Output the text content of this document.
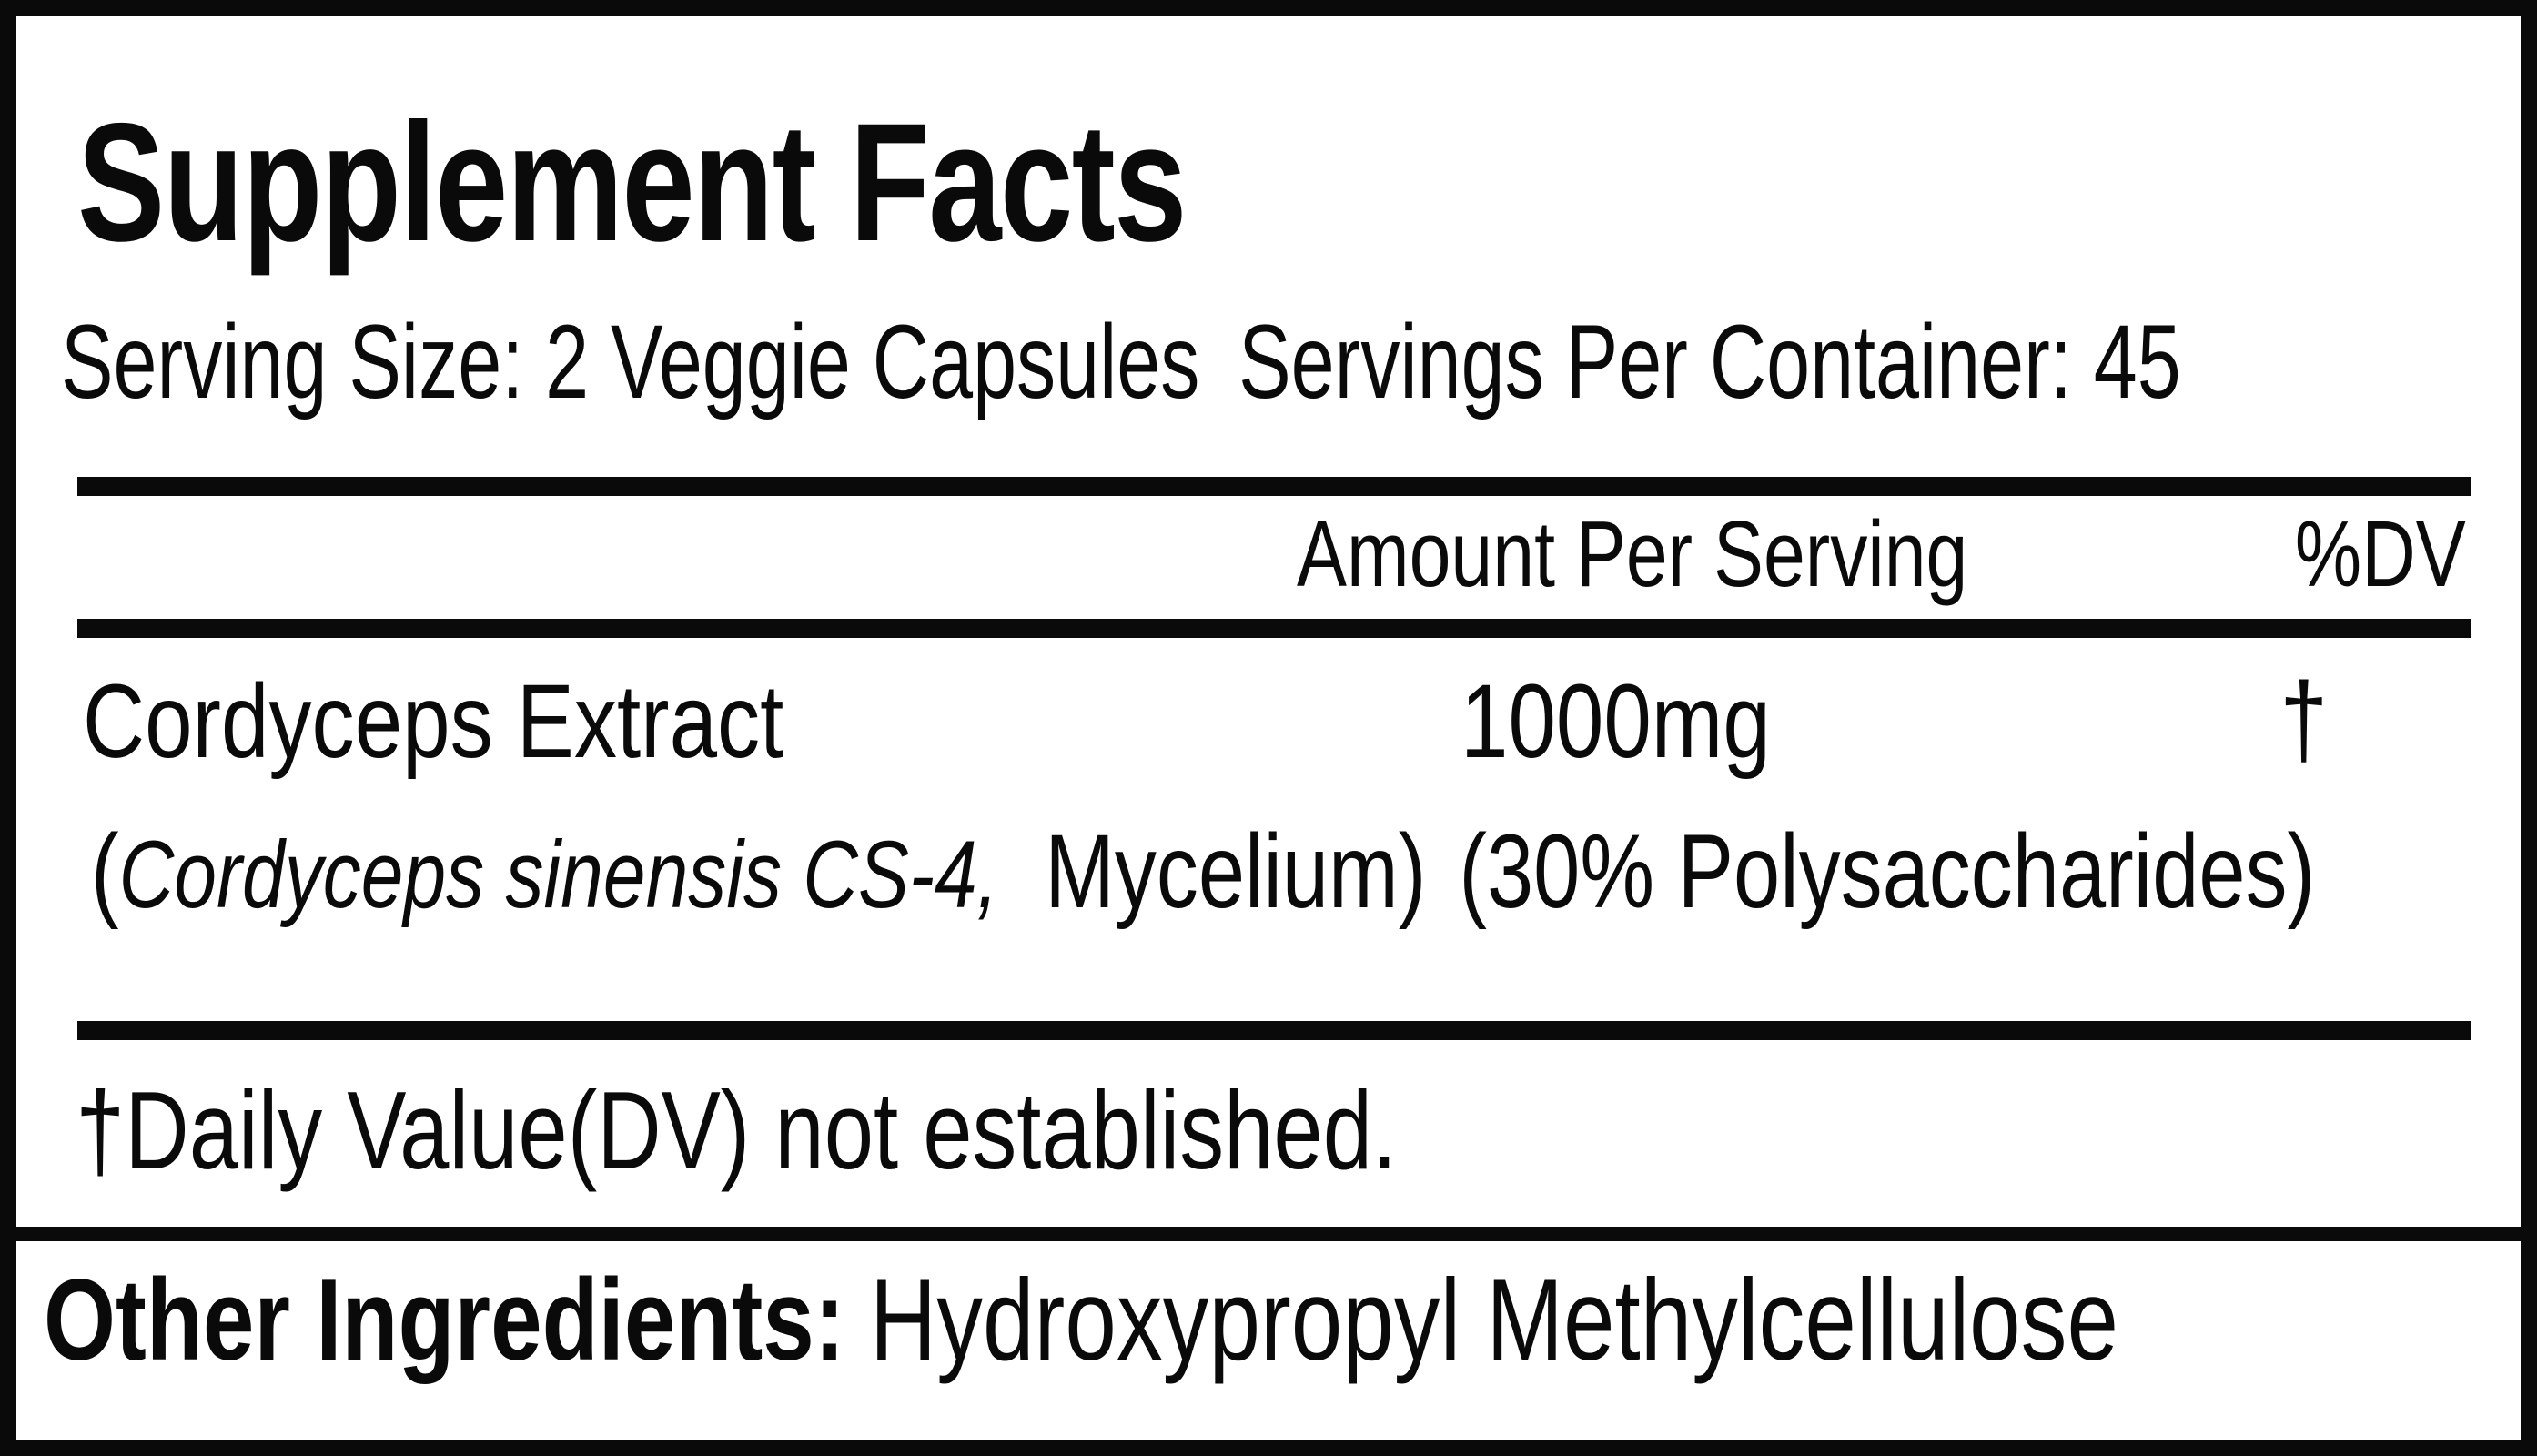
Supplement Facts
Serving Size: 2 Veggie Capsules Servings Per Container: 45
Amount Per Serving	%DV
Cordyceps Extract	1000mg	†
(Cordyceps sinensis CS-4, Mycelium) (30% Polysaccharides)
†Daily Value(DV) not established.
Other Ingredients: Hydroxypropyl Methylcellulose
